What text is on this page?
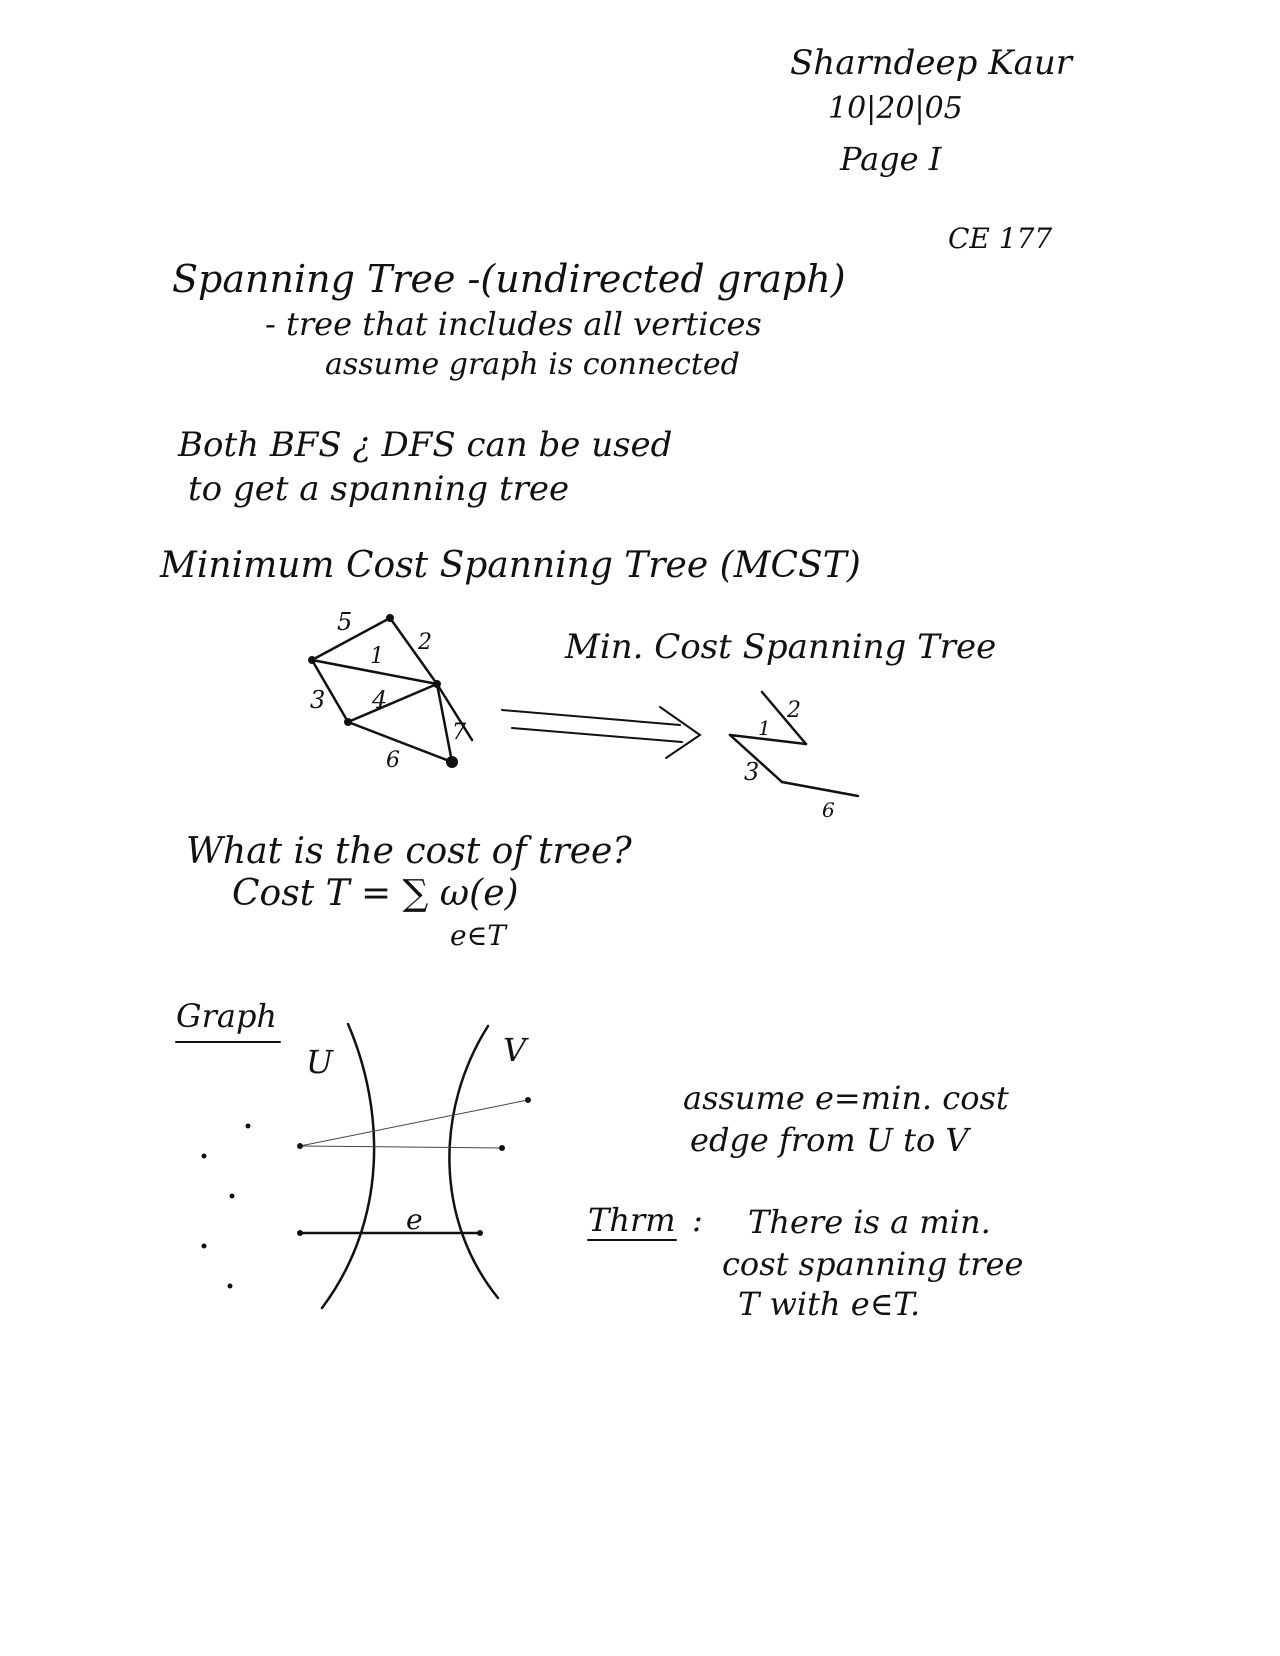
Sharndeep Kaur
10|20|05
Page I
CE 177
Spanning Tree -(undirected graph)
- tree that includes all vertices
assume graph is connected
Both BFS ¿ DFS can be used
to get a spanning tree
Minimum Cost Spanning Tree (MCST)
Min. Cost Spanning Tree
5
2
1
3 4
7
6
2
1
3
6
What is the cost of tree?
Cost T = ∑ ω(e)
e∈T
Graph
U	V
e
assume e=min. cost
edge from U to V
Thrm : There is a min.
cost spanning tree
T with e∈T.
